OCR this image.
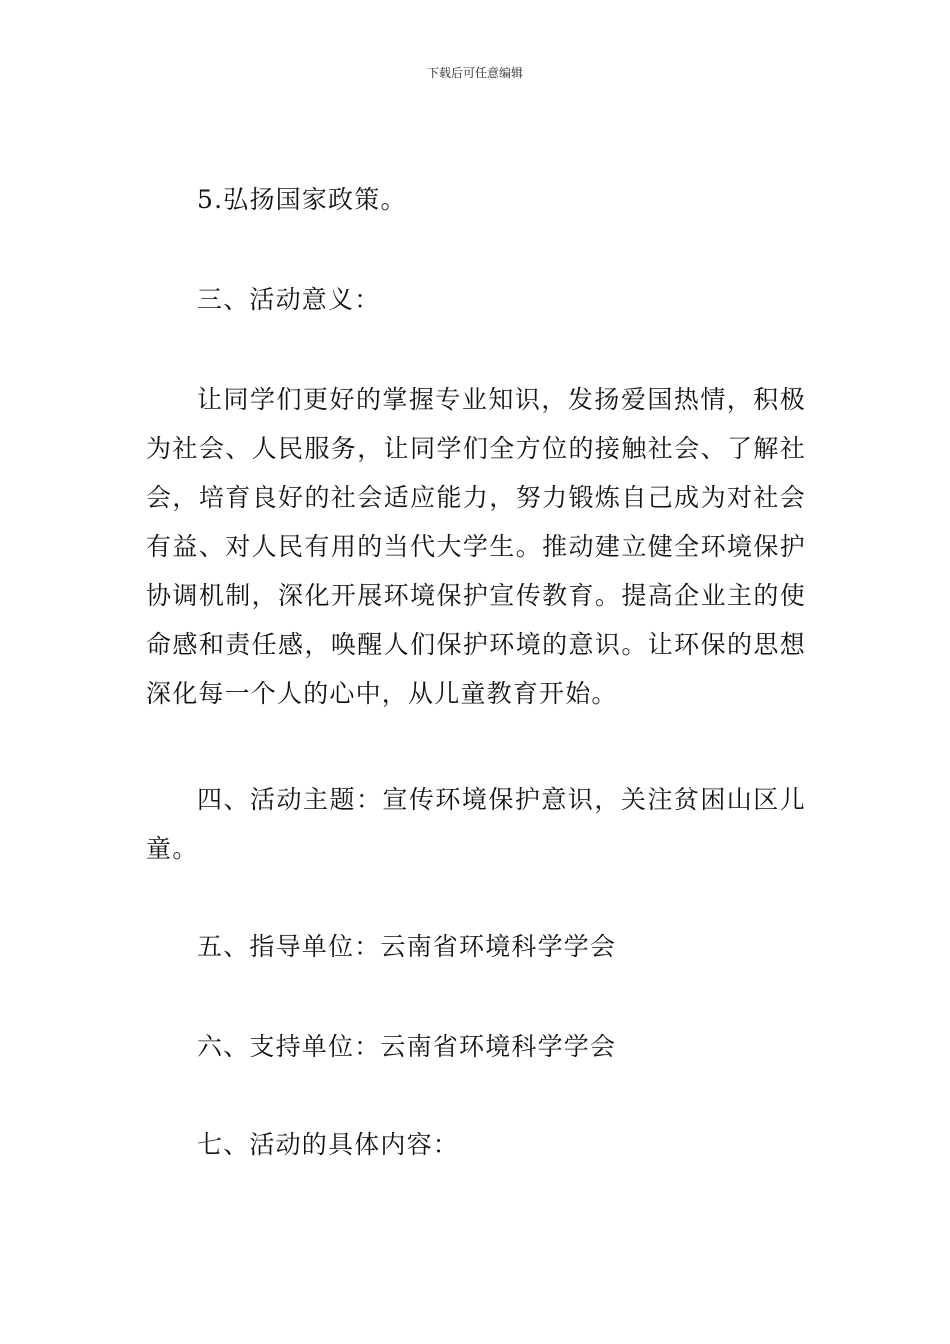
下载后可任意编辑

5.弘扬国家政策。

三、活动意义：

让同学们更好的掌握专业知识，发扬爱国热情，积极为社会、人民服务，让同学们全方位的接触社会、了解社会，培育良好的社会适应能力，努力锻炼自己成为对社会有益、对人民有用的当代大学生。推动建立健全环境保护协调机制，深化开展环境保护宣传教育。提高企业主的使命感和责任感，唤醒人们保护环境的意识。让环保的思想深化每一个人的心中，从儿童教育开始。

四、活动主题：宣传环境保护意识，关注贫困山区儿童。

五、指导单位：云南省环境科学学会

六、支持单位：云南省环境科学学会

七、活动的具体内容：
